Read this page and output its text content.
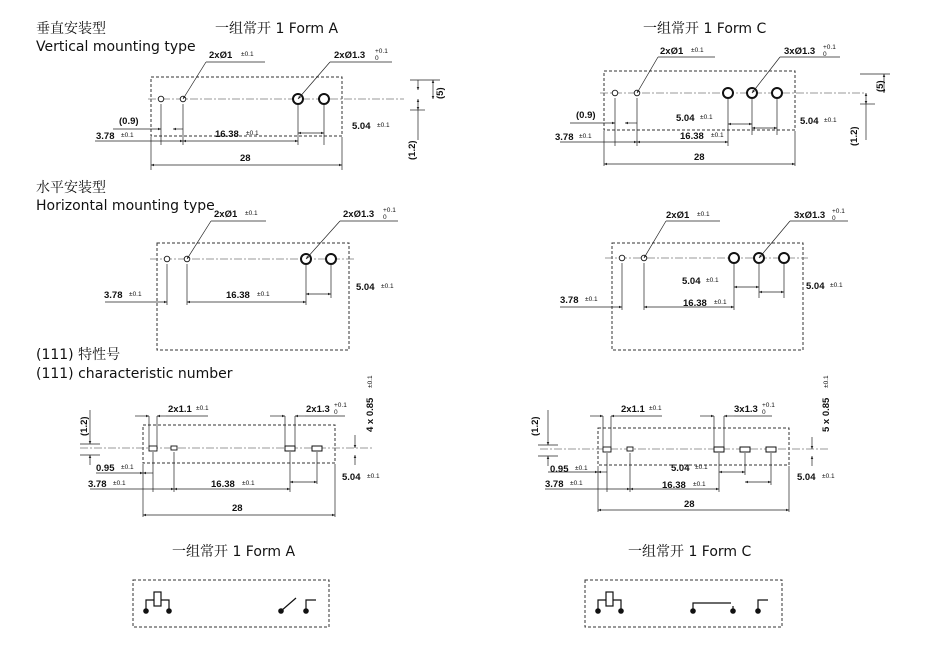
垂直安装型
Vertical mounting type
水平安装型
Horizontal mounting type
(111) 特性号
(111) characteristic number
一组常开 1 Form A	一组常开 1 Form C
一组常开 1 Form A	一组常开 1 Form C
2xØ1 ±0.1	2xØ1.3 +0.1
0
(0.9)
3.78 ±0.1	16.38 ±0.1
5.04 ±0.1
28
(5)
(1.2)
2xØ1 ±0.1	3xØ1.3 +0.1
0
(0.9)
3.78 ±0.1
5.04 ±0.1
16.38 ±0.1
5.04 ±0.1
28
(5)
(1.2)
2xØ1 ±0.1	2xØ1.3 +0.1
0
3.78 ±0.1	16.38 ±0.1
5.04 ±0.1
2xØ1 ±0.1	3xØ1.3 +0.1
0
3.78 ±0.1
5.04 ±0.1
16.38 ±0.1
5.04 ±0.1
2x1.1 ±0.1	2x1.3 +0.1
0
(1.2)	4 x 0.85
±0.1
0.95 ±0.1
3.78 ±0.1	16.38 ±0.1
5.04 ±0.1
28
2x1.1 ±0.1	3x1.3 +0.1
0
(1.2)	5 x 0.85
±0.1
0.95 ±0.1
3.78 ±0.1
5.04 ±0.1
16.38 ±0.1
5.04 ±0.1
28
